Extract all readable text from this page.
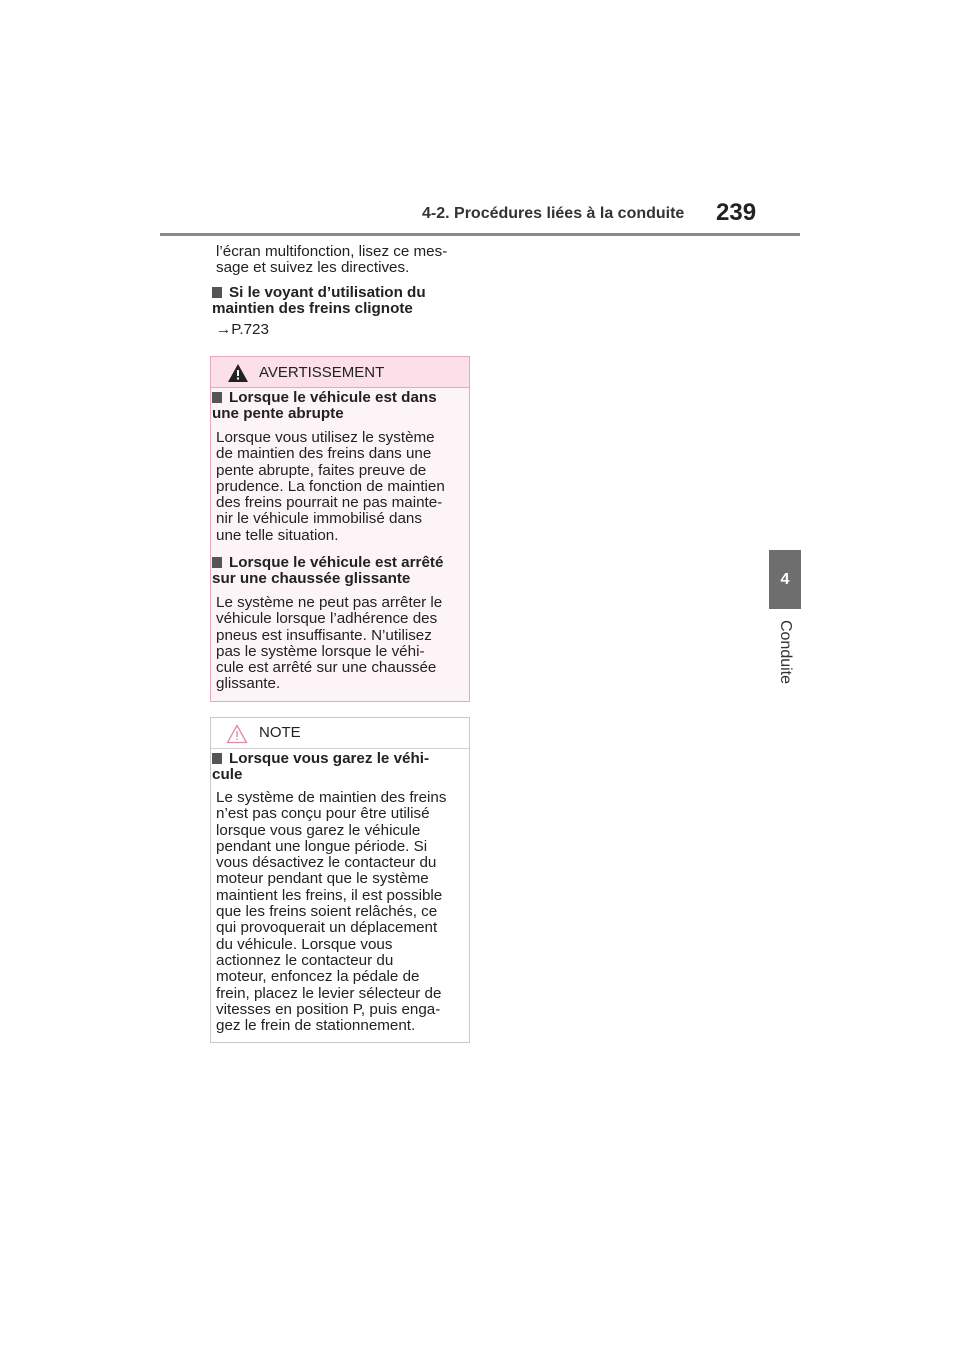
4-2. Procédures liées à la conduite 239
4
Conduite
l’écran multifonction, lisez ce mes-
sage et suivez les directives.
Si le voyant d’utilisation du
maintien des freins clignote
→P.723
AVERTISSEMENT
Lorsque le véhicule est dans
une pente abrupte
Lorsque vous utilisez le système
de maintien des freins dans une
pente abrupte, faites preuve de
prudence. La fonction de maintien
des freins pourrait ne pas mainte-
nir le véhicule immobilisé dans
une telle situation.
Lorsque le véhicule est arrêté
sur une chaussée glissante
Le système ne peut pas arrêter le
véhicule lorsque l’adhérence des
pneus est insuffisante. N’utilisez
pas le système lorsque le véhi-
cule est arrêté sur une chaussée
glissante.
NOTE
Lorsque vous garez le véhi-
cule
Le système de maintien des freins
n’est pas conçu pour être utilisé
lorsque vous garez le véhicule
pendant une longue période. Si
vous désactivez le contacteur du
moteur pendant que le système
maintient les freins, il est possible
que les freins soient relâchés, ce
qui provoquerait un déplacement
du véhicule. Lorsque vous
actionnez le contacteur du
moteur, enfoncez la pédale de
frein, placez le levier sélecteur de
vitesses en position P, puis enga-
gez le frein de stationnement.
